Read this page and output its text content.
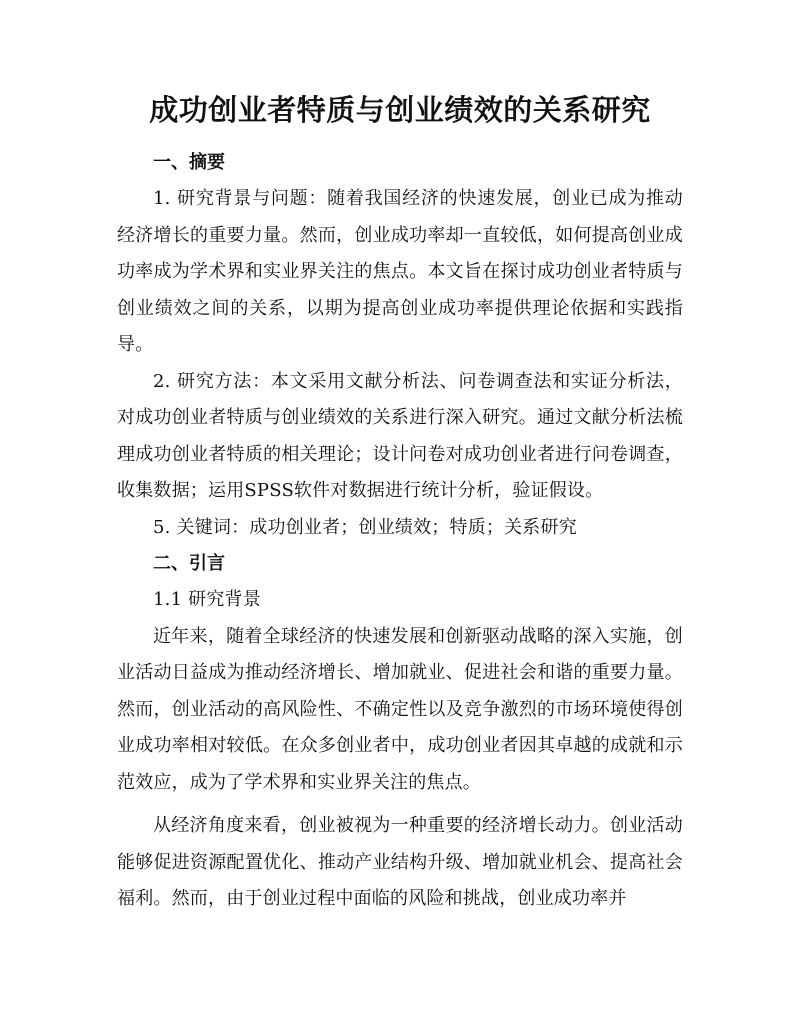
成功创业者特质与创业绩效的关系研究
一、摘要

1. 研究背景与问题：随着我国经济的快速发展，创业已成为推动经济增长的重要力量。然而，创业成功率却一直较低，如何提高创业成功率成为学术界和实业界关注的焦点。本文旨在探讨成功创业者特质与创业绩效之间的关系，以期为提高创业成功率提供理论依据和实践指导。

2. 研究方法：本文采用文献分析法、问卷调查法和实证分析法，对成功创业者特质与创业绩效的关系进行深入研究。通过文献分析法梳理成功创业者特质的相关理论；设计问卷对成功创业者进行问卷调查，收集数据；运用SPSS软件对数据进行统计分析，验证假设。

5. 关键词：成功创业者；创业绩效；特质；关系研究

二、引言

1.1 研究背景

近年来，随着全球经济的快速发展和创新驱动战略的深入实施，创业活动日益成为推动经济增长、增加就业、促进社会和谐的重要力量。然而，创业活动的高风险性、不确定性以及竞争激烈的市场环境使得创业成功率相对较低。在众多创业者中，成功创业者因其卓越的成就和示范效应，成为了学术界和实业界关注的焦点。

从经济角度来看，创业被视为一种重要的经济增长动力。创业活动能够促进资源配置优化、推动产业结构升级、增加就业机会、提高社会福利。然而，由于创业过程中面临的风险和挑战，创业成功率并
